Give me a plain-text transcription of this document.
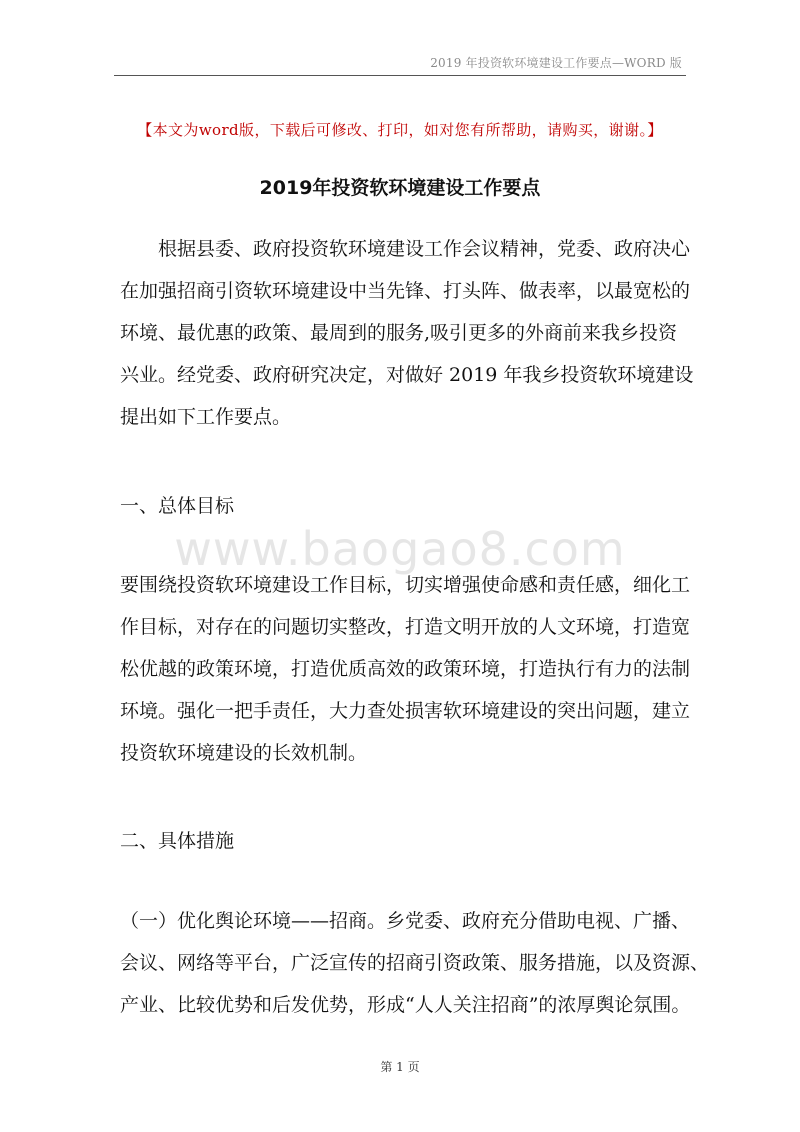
2019 年投资软环境建设工作要点—WORD 版
【本文为word版，下载后可修改、打印，如对您有所帮助，请购买，谢谢。】
2019年投资软环境建设工作要点
　　根据县委、政府投资软环境建设工作会议精神，党委、政府决心
在加强招商引资软环境建设中当先锋、打头阵、做表率，以最宽松的
环境、最优惠的政策、最周到的服务,吸引更多的外商前来我乡投资
兴业。经党委、政府研究决定，对做好 2019 年我乡投资软环境建设
提出如下工作要点。
一、总体目标
www.baogao8.com
要围绕投资软环境建设工作目标，切实增强使命感和责任感，细化工
作目标，对存在的问题切实整改，打造文明开放的人文环境，打造宽
松优越的政策环境，打造优质高效的政策环境，打造执行有力的法制
环境。强化一把手责任，大力查处损害软环境建设的突出问题，建立
投资软环境建设的长效机制。
二、具体措施
（一）优化舆论环境——招商。乡党委、政府充分借助电视、广播、
会议、网络等平台，广泛宣传的招商引资政策、服务措施，以及资源、
产业、比较优势和后发优势，形成“人人关注招商”的浓厚舆论氛围。
第 1 页
